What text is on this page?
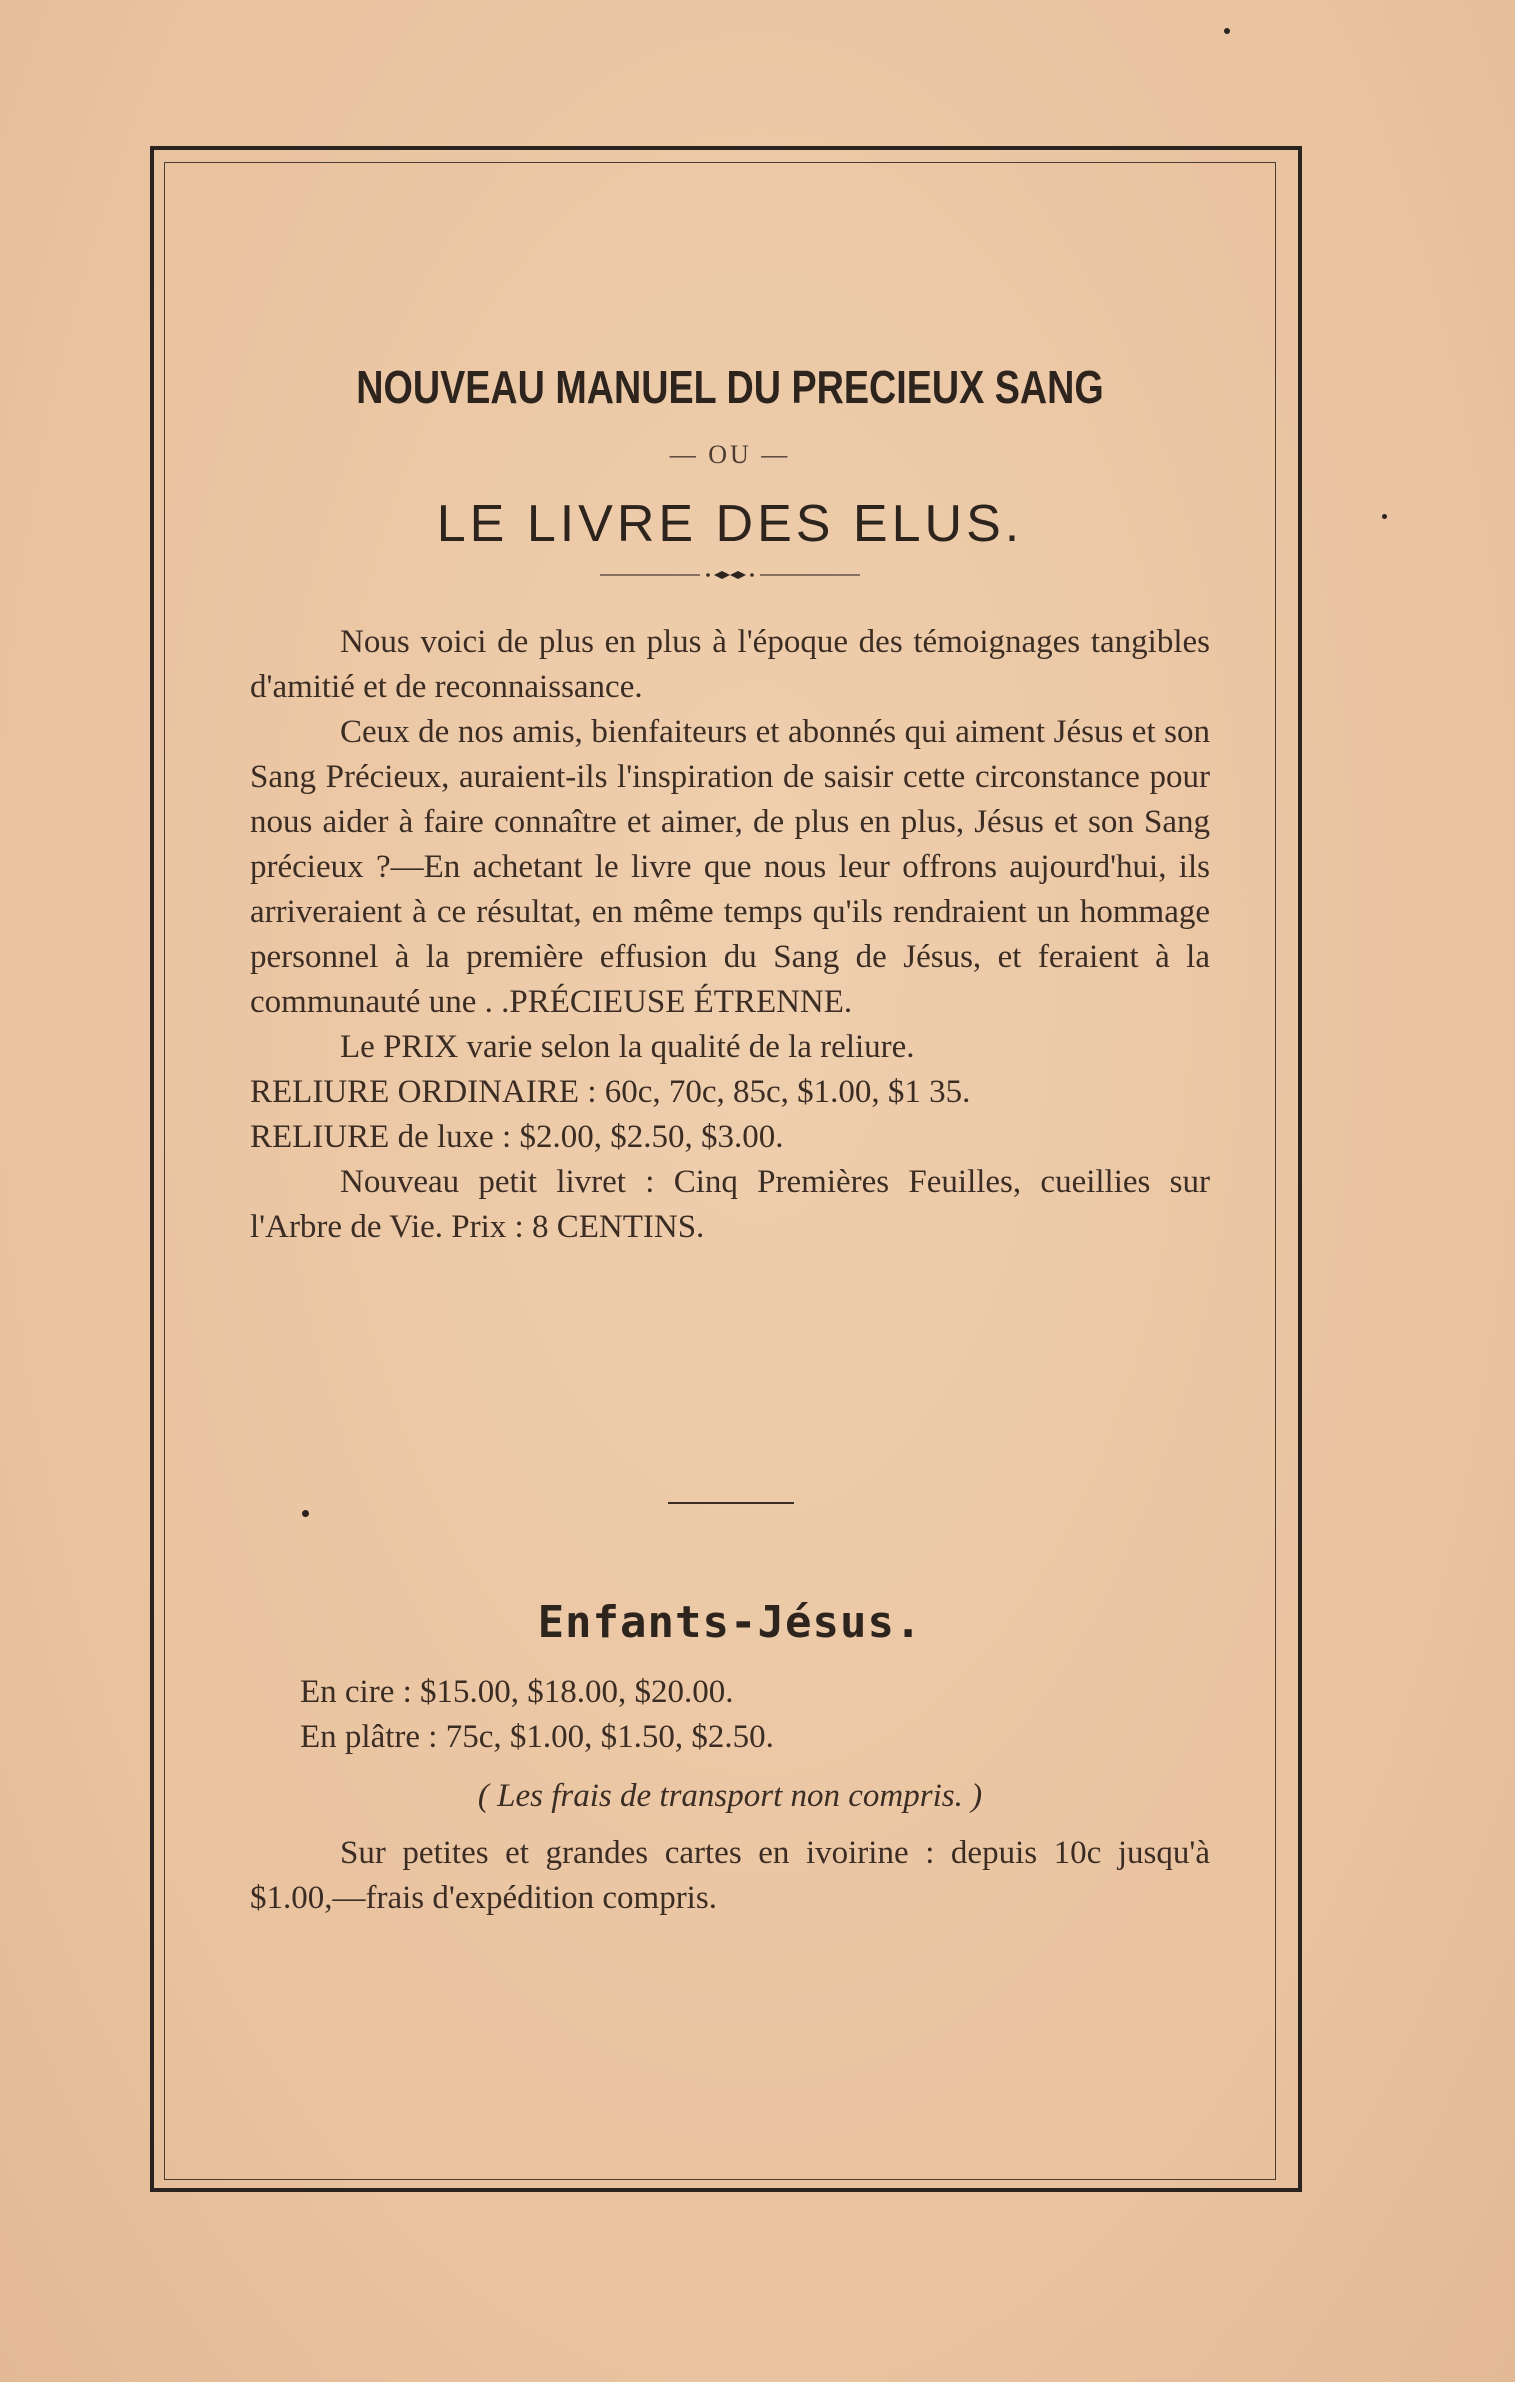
NOUVEAU MANUEL DU PRECIEUX SANG
— OU —
LE LIVRE DES ELUS.

Nous voici de plus en plus à l'époque des témoignages tangibles d'amitié et de reconnaissance.

Ceux de nos amis, bienfaiteurs et abonnés qui aiment Jésus et son Sang Précieux, auraient-ils l'inspiration de saisir cette circonstance pour nous aider à faire connaître et aimer, de plus en plus, Jésus et son Sang précieux ?—En achetant le livre que nous leur offrons aujourd'hui, ils arriveraient à ce résultat, en même temps qu'ils rendraient un hommage personnel à la première effusion du Sang de Jésus, et feraient à la communauté une . .PRÉCIEUSE ÉTRENNE.

Le PRIX varie selon la qualité de la reliure.

RELIURE ORDINAIRE : 60c, 70c, 85c, $1.00, $1 35.

RELIURE de luxe : $2.00, $2.50, $3.00.

Nouveau petit livret : Cinq Premières Feuilles, cueillies sur l'Arbre de Vie. Prix : 8 CENTINS.

Enfants-Jésus.
En cire : $15.00, $18.00, $20.00.
En plâtre : 75c, $1.00, $1.50, $2.50.
( Les frais de transport non compris. )

Sur petites et grandes cartes en ivoirine : depuis 10c jusqu'à $1.00,—frais d'expédition compris.
